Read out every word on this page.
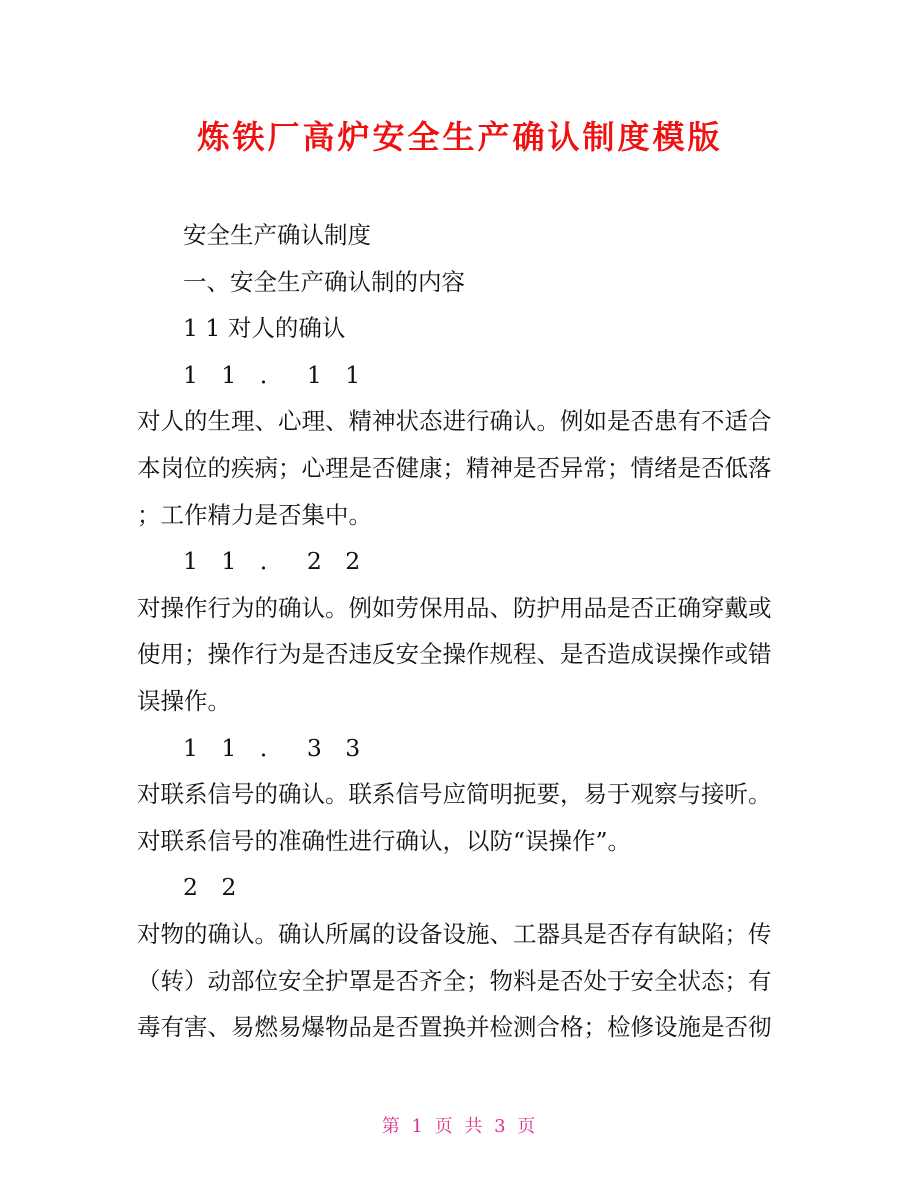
炼铁厂高炉安全生产确认制度模版
安全生产确认制度
一、安全生产确认制的内容
1 1 对人的确认
1 1 ． 1 1
对人的生理、心理、精神状态进行确认。例如是否患有不适合
本岗位的疾病；心理是否健康；精神是否异常；情绪是否低落
；工作精力是否集中。
1 1 ． 2 2
对操作行为的确认。例如劳保用品、防护用品是否正确穿戴或
使用；操作行为是否违反安全操作规程、是否造成误操作或错
误操作。
1 1 ． 3 3
对联系信号的确认。联系信号应简明扼要，易于观察与接听。
对联系信号的准确性进行确认，以防“误操作”。
2 2
对物的确认。确认所属的设备设施、工器具是否存有缺陷；传
（转）动部位安全护罩是否齐全；物料是否处于安全状态；有
毒有害、易燃易爆物品是否置换并检测合格；检修设施是否彻
第 1 页 共 3 页
